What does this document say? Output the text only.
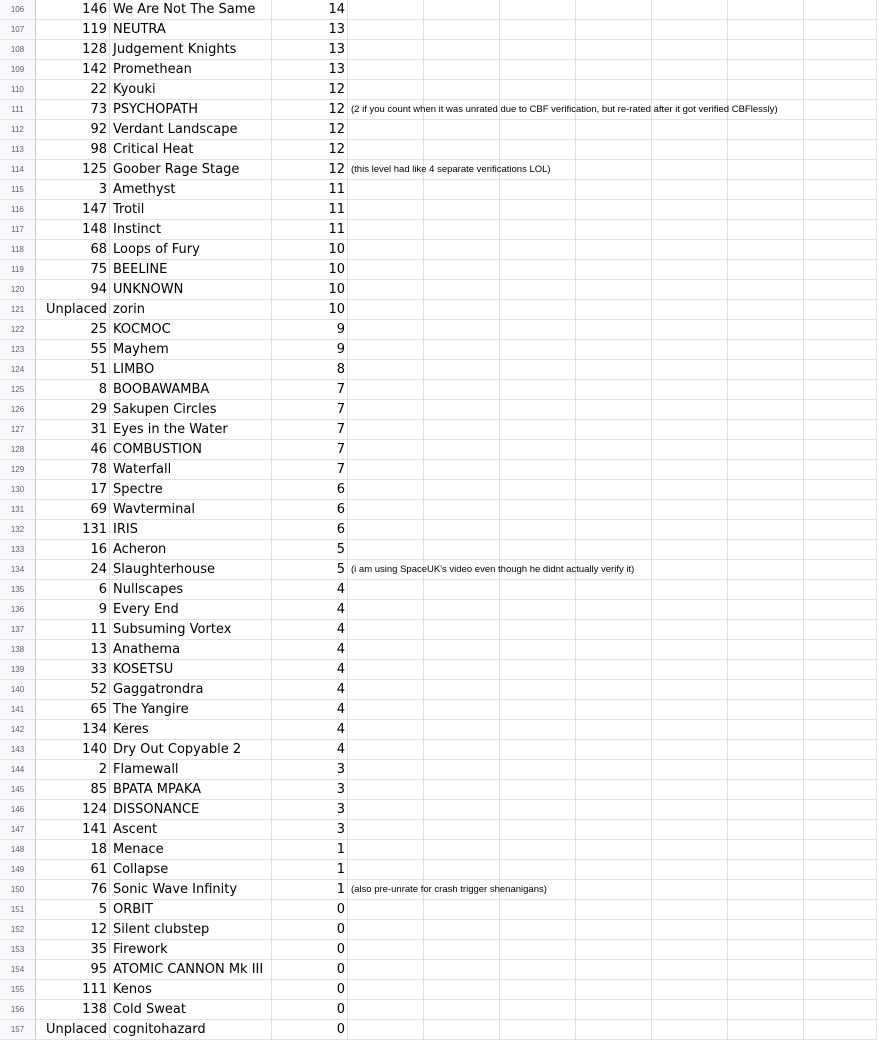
106	146 We Are Not The Same	14
107	119 NEUTRA	13
108	128 Judgement Knights	13
109	142 Promethean	13
110	22 Kyouki	12
111	73 PSYCHOPATH	12 (2 if you count when it was unrated due to CBF verification, but re-rated after it got verified CBFlessly)
112	92 Verdant Landscape	12
113	98 Critical Heat	12
114	125 Goober Rage Stage	12 (this level had like 4 separate verifications LOL)
115	3 Amethyst	11
116	147 Trotil	11
117	148 Instinct	11
118	68 Loops of Fury	10
119	75 BEELINE	10
120	94 UNKNOWN	10
121	Unplaced zorin	10
122	25 KOCMOC	9
123	55 Mayhem	9
124	51 LIMBO	8
125	8 BOOBAWAMBA	7
126	29 Sakupen Circles	7
127	31 Eyes in the Water	7
128	46 COMBUSTION	7
129	78 Waterfall	7
130	17 Spectre	6
131	69 Wavterminal	6
132	131 IRIS	6
133	16 Acheron	5
134	24 Slaughterhouse	5 (i am using SpaceUK's video even though he didnt actually verify it)
135	6 Nullscapes	4
136	9 Every End	4
137	11 Subsuming Vortex	4
138	13 Anathema	4
139	33 KOSETSU	4
140	52 Gaggatrondra	4
141	65 The Yangire	4
142	134 Keres	4
143	140 Dry Out Copyable 2	4
144	2 Flamewall	3
145	85 BPATA MPAKA	3
146	124 DISSONANCE	3
147	141 Ascent	3
148	18 Menace	1
149	61 Collapse	1
150	76 Sonic Wave Infinity	1 (also pre-unrate for crash trigger shenanigans)
151	5 ORBIT	0
152	12 Silent clubstep	0
153	35 Firework	0
154	95 ATOMIC CANNON Mk III	0
155	111 Kenos	0
156	138 Cold Sweat	0
157	Unplaced cognitohazard	0
